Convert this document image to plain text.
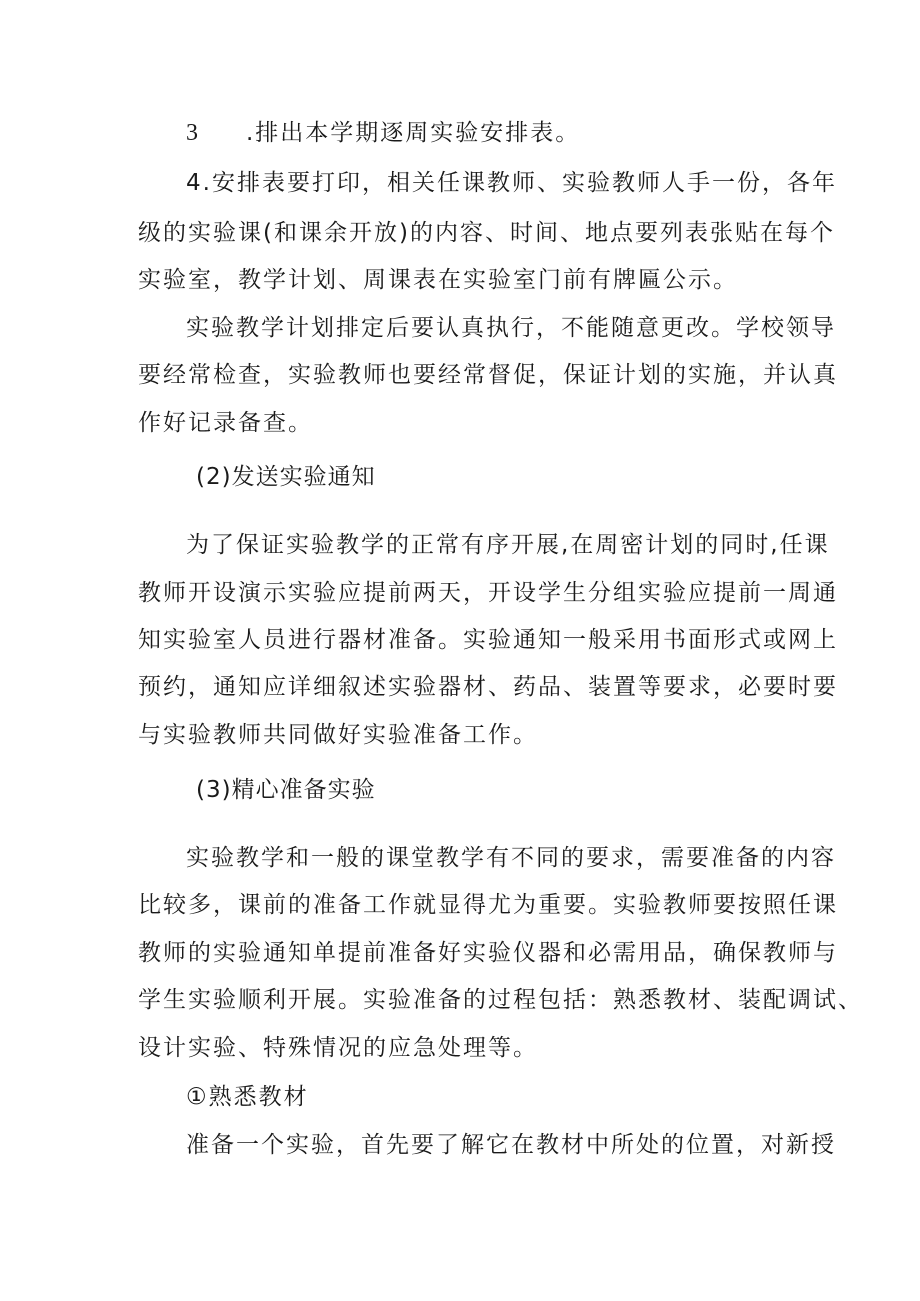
3 .排出本学期逐周实验安排表。
4.安排表要打印，相关任课教师、实验教师人手一份，各年
级的实验课(和课余开放)的内容、时间、地点要列表张贴在每个
实验室，教学计划、周课表在实验室门前有牌匾公示。
实验教学计划排定后要认真执行，不能随意更改。学校领导
要经常检查，实验教师也要经常督促，保证计划的实施，并认真
作好记录备查。
(2)发送实验通知
为了保证实验教学的正常有序开展,在周密计划的同时,任课
教师开设演示实验应提前两天，开设学生分组实验应提前一周通
知实验室人员进行器材准备。实验通知一般采用书面形式或网上
预约，通知应详细叙述实验器材、药品、装置等要求，必要时要
与实验教师共同做好实验准备工作。
(3)精心准备实验
实验教学和一般的课堂教学有不同的要求，需要准备的内容
比较多，课前的准备工作就显得尤为重要。实验教师要按照任课
教师的实验通知单提前准备好实验仪器和必需用品，确保教师与
学生实验顺利开展。实验准备的过程包括：熟悉教材、装配调试、
设计实验、特殊情况的应急处理等。
①熟悉教材
准备一个实验，首先要了解它在教材中所处的位置，对新授
